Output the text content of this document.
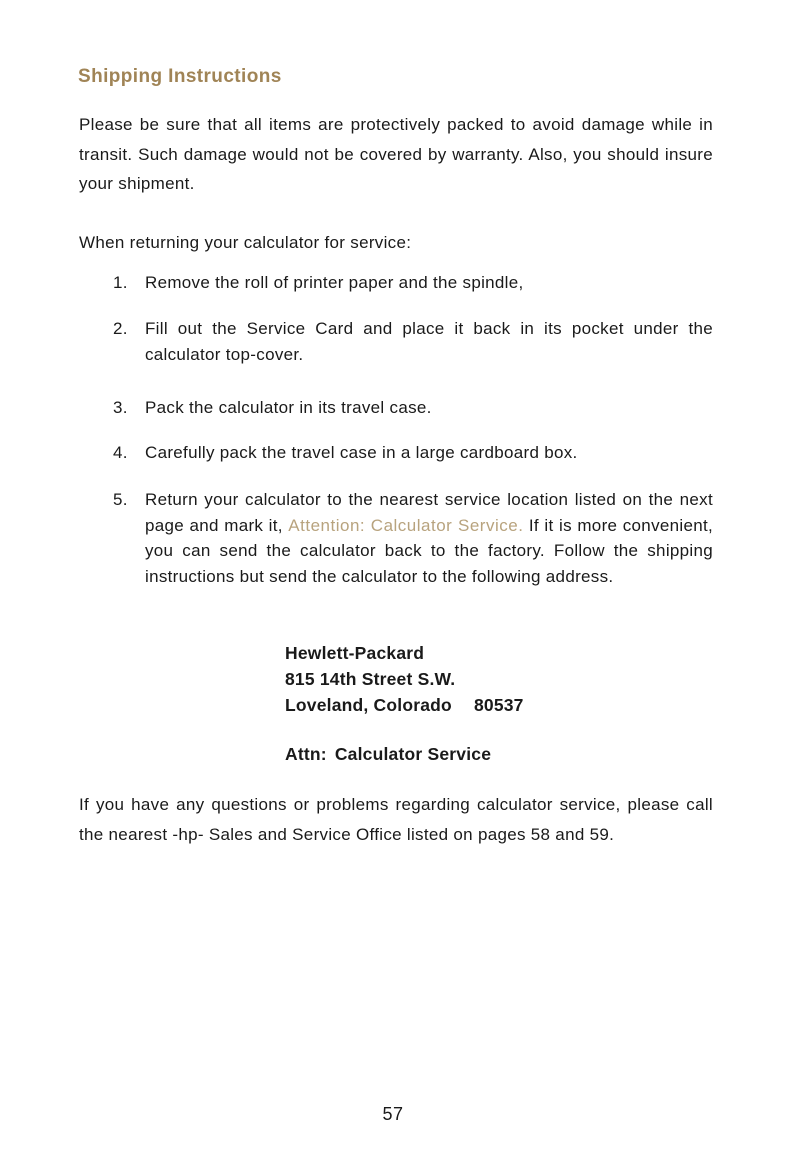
Shipping Instructions

Please be sure that all items are protectively packed to avoid damage while in transit. Such damage would not be covered by warranty. Also, you should insure your shipment.

When returning your calculator for service:

1.	Remove the roll of printer paper and the spindle,
2.	Fill out the Service Card and place it back in its pocket under the calculator top-cover.
3.	Pack the calculator in its travel case.
4.	Carefully pack the travel case in a large cardboard box.
5.	Return your calculator to the nearest service location listed on the next page and mark it, Attention: Calculator Service. If it is more convenient, you can send the calculator back to the factory. Follow the shipping instructions but send the calculator to the following address.
Hewlett-Packard
815 14th Street S.W.
Loveland, Colorado 80537
Attn: Calculator Service

If you have any questions or problems regarding calculator service, please call the nearest -hp- Sales and Service Office listed on pages 58 and 59.

57
